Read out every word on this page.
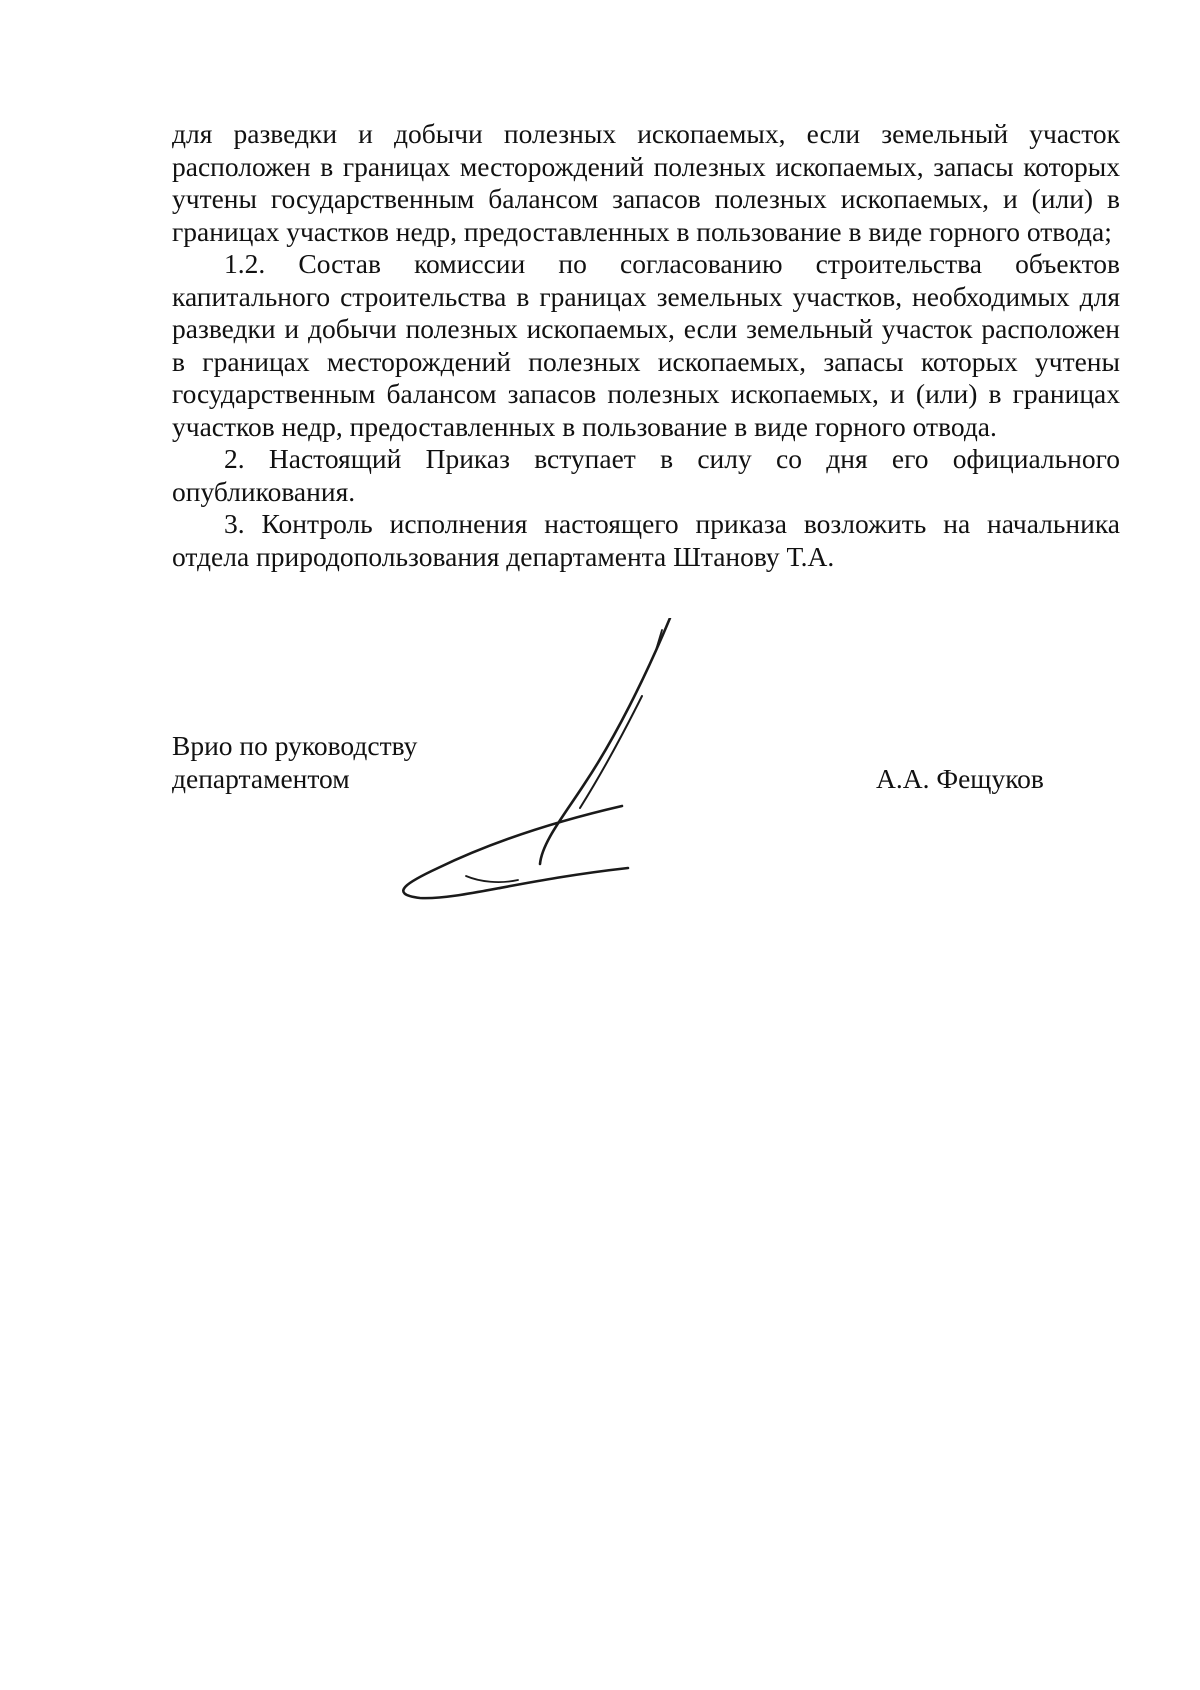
для разведки и добычи полезных ископаемых, если земельный участок расположен в границах месторождений полезных ископаемых, запасы которых учтены государственным балансом запасов полезных ископаемых, и (или) в границах участков недр, предоставленных в пользование в виде горного отвода;

1.2. Состав комиссии по согласованию строительства объектов капитального строительства в границах земельных участков, необходимых для разведки и добычи полезных ископаемых, если земельный участок расположен в границах месторождений полезных ископаемых, запасы которых учтены государственным балансом запасов полезных ископаемых, и (или) в границах участков недр, предоставленных в пользование в виде горного отвода.

2. Настоящий Приказ вступает в силу со дня его официального опубликования.

3. Контроль исполнения настоящего приказа возложить на начальника отдела природопользования департамента Штанову Т.А.

Врио по руководству
департаментом	А.А. Фещуков
